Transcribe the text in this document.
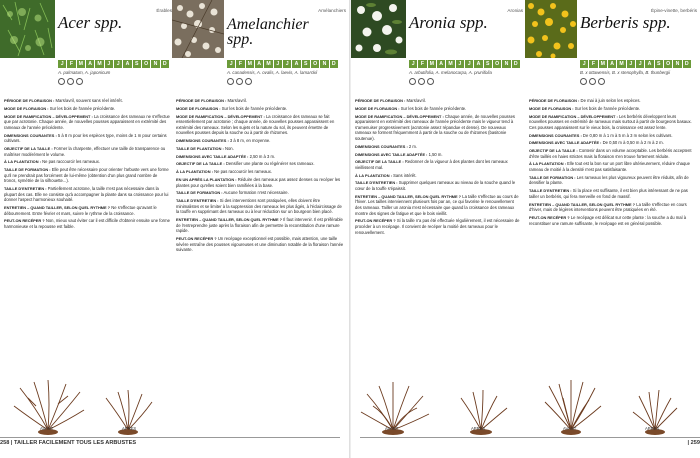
Érables
Acer spp.
J	F	M	A	M	J	J	A	S	O	N	D
A. palmatum, A. japonicum

PÉRIODE DE FLORAISON : Mars/avril, souvent sans réel intérêt.

MODE DE FLORAISON : Sur les bois de l'année précédente.

MODE DE RAMIFICATION – DÉVELOPPEMENT : La croissance des rameaux ne s'effectue que par acrotonie. Chaque année, de nouvelles pousses apparaissent en extrémité des rameaux de l'année précédente.

DIMENSIONS COURANTES : 5 à 8 m pour les espèces type, moins de 1 m pour certains cultivars.

OBJECTIF DE LA TAILLE : Former la charpente, effectuer une taille de transparence ou maîtriser modérément le volume.

À LA PLANTATION : Ne pas raccourcir les rameaux.

TAILLE DE FORMATION : Elle peut être nécessaire pour orienter l'arbuste vers une forme qu'il ne prendrait pas forcément de lui-même (obtention d'un plus grand nombre de troncs, symétrie de la silhouette...).

TAILLE D'ENTRETIEN : Partiellement acrotone, la taille n'est pas nécessaire dans la plupart des cas. Elle ne consiste qu'à accompagner la plante dans sa croissance pour lui donner l'aspect harmonieux souhaité.

ENTRETIEN – QUAND TAILLER, SELON QUEL RYTHME ? Ne s'effectue qu'avant le débourrement. Entre février et mars, suivre le rythme de la croissance.

PEUT-ON RECÉPER ? Non, mieux vaut éviter car il est difficile d'obtenir ensuite une forme harmonieuse et la repousse est faible.

AVANT	APRÈS
Amélanchiers
Amelanchier spp.
J	F	M	A	M	J	J	A	S	O	N	D
A. canadensis, A. ovalis, A. laevis, A. lamarckii

PÉRIODE DE FLORAISON : Mars/avril.

MODE DE FLORAISON : Sur les bois de l'année précédente.

MODE DE RAMIFICATION – DÉVELOPPEMENT : La croissance des rameaux se fait essentiellement par acrotonie ; chaque année, de nouvelles pousses apparaissent en extrémité des rameaux. Selon les sujets et la nature du sol, ils peuvent émettre de nouvelles pousses depuis la souche ou à partir de rhizomes.

DIMENSIONS COURANTES : 3 à 8 m, en moyenne.

TAILLE DE PLANTATION : Non.

DIMENSIONS AVEC TAILLE ADAPTÉE : 2,50 m à 3 m.

OBJECTIF DE LA TAILLE : Densifier une plante ou régénérer ses rameaux.

À LA PLANTATION : Ne pas raccourcir les rameaux.

EN UN APRÈS LA PLANTATION : Réduire des rameaux pas assez denses ou recéper les plantes pour qu'elles soient bien ramifiées à la base.

TAILLE DE FORMATION : Aucune formation n'est nécessaire.

TAILLE D'ENTRETIEN : Si des interventions sont pratiquées, elles doivent être minimalistes et se limiter à la suppression des rameaux les plus âgés, à l'éclaircissage de la touffe en supprimant des rameaux ou à leur réduction sur un bourgeon bien placé.

ENTRETIEN – QUAND TAILLER, SELON QUEL RYTHME ? Il faut intervenir. Il est préférable de l'entreprendre juste après la floraison afin de permettre la reconstitution d'une ramure rapide.

PEUT-ON RECÉPER ? Un recépage exceptionnel est possible, mais attention, une taille sévère entraîne des pousses vigoureuses et une diminution notable de la floraison l'année suivante.

Aronias
Aronia spp.
J	F	M	A	M	J	J	A	S	O	N	D
A. arbutifolia, A. melanocarpa, A. prunifolia

PÉRIODE DE FLORAISON : Mars/avril.

MODE DE FLORAISON : Sur les bois de l'année précédente.

MODE DE RAMIFICATION – DÉVELOPPEMENT : Chaque année, de nouvelles pousses apparaissent en extrémité des rameaux de l'année précédente mais le vigueur tend à s'amenuiser progressivement (acrotonie assez répandue et dense). De nouveaux rameaux se forment fréquemment à partir de la souche ou de rhizomes (basitonie soutenue).

DIMENSIONS COURANTES : 2 m.

DIMENSIONS AVEC TAILLE ADAPTÉE : 1,50 m.

OBJECTIF DE LA TAILLE : Redonner de la vigueur à des plantes dont les rameaux vieillissent mal.

À LA PLANTATION : Sans intérêt.

TAILLE D'ENTRETIEN : Supprimer quelques rameaux au niveau de la souche quand le cœur de la touffe s'épaissit.

ENTRETIEN – QUAND TAILLER, SELON QUEL RYTHME ? La taille s'effectue au cours de l'hiver. Les tailles interviennent plusieurs fois par an, ce qui favorise le renouvellement des rameaux. Tailler un aronia n'est nécessaire que quand la croissance des rameaux montre des signes de fatigue et que le bois vieillit.

PEUT-ON RECÉPER ? Si la taille n'a pas été effectuée régulièrement, il est nécessaire de procéder à un recépage. Il convient de recéper la moitié des rameaux pour le renouvellement.

AVANT	APRÈS
Épine-vinette, berbéris
Berberis spp.
J	F	M	A	M	J	J	A	S	O	N	D
B. x ottawensis, B. x stenophylla, B. thunbergii

PÉRIODE DE FLORAISON : De mai à juin selon les espèces.

MODE DE FLORAISON : Sur les bois de l'année précédente.

MODE DE RAMIFICATION – DÉVELOPPEMENT : Les berbéris développent leurs nouvelles pousses en extrémité de rameaux mais surtout à partir de bourgeons basaux. Ces pousses apparaissent sur le vieux bois, la croissance est assez lente.

DIMENSIONS COURANTES : De 0,80 m à 1 m à 5 m à 3 m selon les cultivars.

DIMENSIONS AVEC TAILLE ADAPTÉE : De 0,50 m à 0,50 m à 2 m à 2 m.

OBJECTIF DE LA TAILLE : Contenir dans un volume acceptable. Les berbéris acceptent d'être taillés en haies strictes mais la floraison s'en trouve fortement réduite.

À LA PLANTATION : Elle tout est la bon sur un port libre ultérieurement, réduire chaque rameau de moitié à la densité n'est pas satisfaisante.

TAILLE DE FORMATION : Les rameaux les plus vigoureux peuvent être réduits, afin de densifier la plante.

TAILLE D'ENTRETIEN : Si la place est suffisante, il est bien plus intéressant de ne pas tailler un berbéris, qui fera merveille en fond de massif.

ENTRETIEN – QUAND TAILLER, SELON QUEL RYTHME ? La taille s'effectue en cours d'hiver, mais de légères interventions peuvent être pratiquées en été.

PEUT-ON RECÉPER ? Le recépage est délicat sur cette plante : la souche a du mal à reconstituer une ramure suffisante, le recépage est en général possible.

AVANT	APRÈS
258 | TAILLER FACILEMENT TOUS LES ARBUSTES	| 259
